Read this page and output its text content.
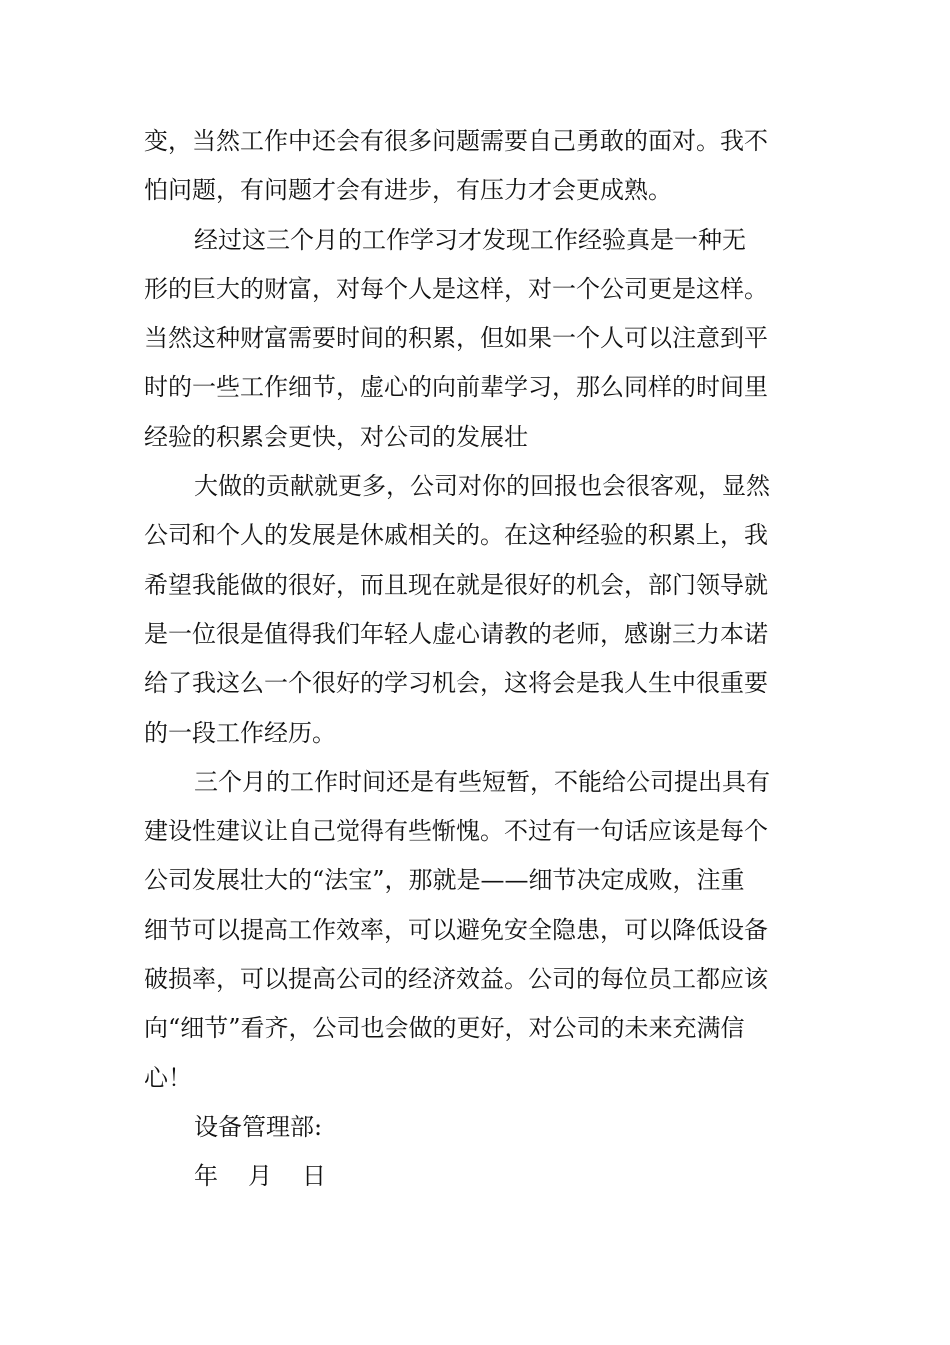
变，当然工作中还会有很多问题需要自己勇敢的面对。我不
怕问题，有问题才会有进步，有压力才会更成熟。
经过这三个月的工作学习才发现工作经验真是一种无
形的巨大的财富，对每个人是这样，对一个公司更是这样。
当然这种财富需要时间的积累，但如果一个人可以注意到平
时的一些工作细节，虚心的向前辈学习，那么同样的时间里
经验的积累会更快，对公司的发展壮
大做的贡献就更多，公司对你的回报也会很客观，显然
公司和个人的发展是休戚相关的。在这种经验的积累上，我
希望我能做的很好，而且现在就是很好的机会，部门领导就
是一位很是值得我们年轻人虚心请教的老师，感谢三力本诺
给了我这么一个很好的学习机会，这将会是我人生中很重要
的一段工作经历。
三个月的工作时间还是有些短暂，不能给公司提出具有
建设性建议让自己觉得有些惭愧。不过有一句话应该是每个
公司发展壮大的“法宝”，那就是——细节决定成败，注重
细节可以提高工作效率，可以避免安全隐患，可以降低设备
破损率，可以提高公司的经济效益。公司的每位员工都应该
向“细节”看齐，公司也会做的更好，对公司的未来充满信
心！
设备管理部:
年 月 日
